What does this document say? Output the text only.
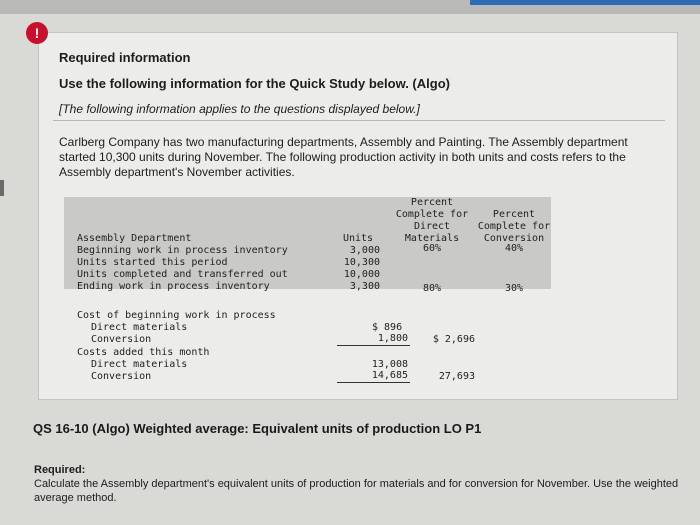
Required information
Use the following information for the Quick Study below. (Algo)
[The following information applies to the questions displayed below.]
Carlberg Company has two manufacturing departments, Assembly and Painting. The Assembly department started 10,300 units during November. The following production activity in both units and costs refers to the Assembly department's November activities.
Percent
Complete for
Direct
Materials
Percent
Complete for
Conversion
Assembly Department	Units
Beginning work in process inventory	3,000	60%	40%
Units started this period	10,300
Units completed and transferred out	10,000
Ending work in process inventory	3,300	80%	30%
Cost of beginning work in process
Direct materials	$ 896
Conversion	1,800	$ 2,696
Costs added this month
Direct materials	13,008
Conversion	14,685	27,693
!
QS 16-10 (Algo) Weighted average: Equivalent units of production LO P1
Required:
Calculate the Assembly department's equivalent units of production for materials and for conversion for November. Use the weighted average method.
